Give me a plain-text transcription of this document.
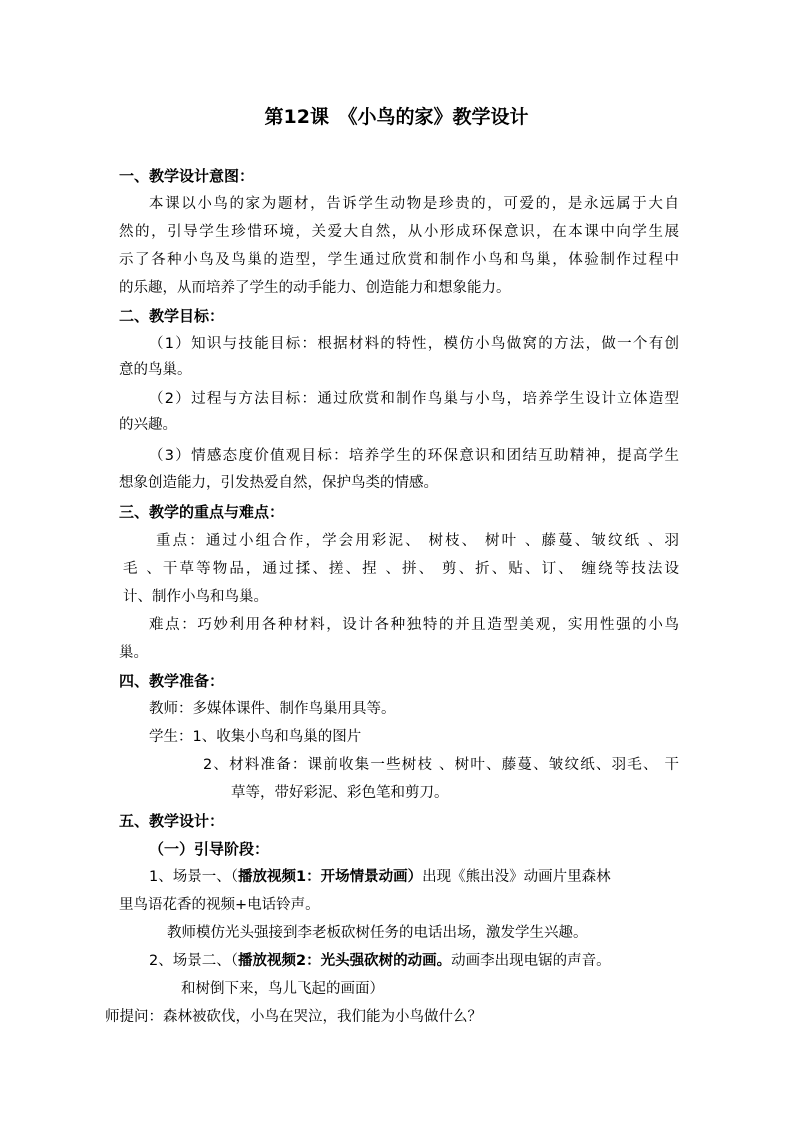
第12课　《小鸟的家》教学设计
一、教学设计意图：
本课以小鸟的家为题材，告诉学生动物是珍贵的，可爱的，是永远属于大自
然的，引导学生珍惜环境，关爱大自然，从小形成环保意识，在本课中向学生展
示了各种小鸟及鸟巢的造型，学生通过欣赏和制作小鸟和鸟巢，体验制作过程中
的乐趣，从而培养了学生的动手能力、创造能力和想象能力。
二、教学目标：
（1）知识与技能目标：根据材料的特性，模仿小鸟做窝的方法，做一个有创
意的鸟巢。
（2）过程与方法目标：通过欣赏和制作鸟巢与小鸟，培养学生设计立体造型
的兴趣。
（3）情感态度价值观目标：培养学生的环保意识和团结互助精神，提高学生
想象创造能力，引发热爱自然，保护鸟类的情感。
三、教学的重点与难点：
重点：通过小组合作，学会用彩泥、 树枝、 树叶 、藤蔓、皱纹纸 、羽
毛 、干草等物品，通过揉、搓、捏 、拼、 剪、折、贴、订、 缠绕等技法设
计、制作小鸟和鸟巢。
难点：巧妙利用各种材料，设计各种独特的并且造型美观，实用性强的小鸟
巢。
四、教学准备：
教师：多媒体课件、制作鸟巢用具等。
学生：1、收集小鸟和鸟巢的图片
2、材料准备：课前收集一些树枝 、树叶、藤蔓、皱纹纸、羽毛、 干
草等，带好彩泥、彩色笔和剪刀。
五、教学设计：
（一）引导阶段：
1、场景一、（播放视频1：开场情景动画）出现《熊出没》动画片里森林
里鸟语花香的视频+电话铃声。
教师模仿光头强接到李老板砍树任务的电话出场，激发学生兴趣。
2、场景二、（播放视频2：光头强砍树的动画。动画李出现电锯的声音。
和树倒下来，鸟儿飞起的画面）
师提问：森林被砍伐，小鸟在哭泣，我们能为小鸟做什么？
